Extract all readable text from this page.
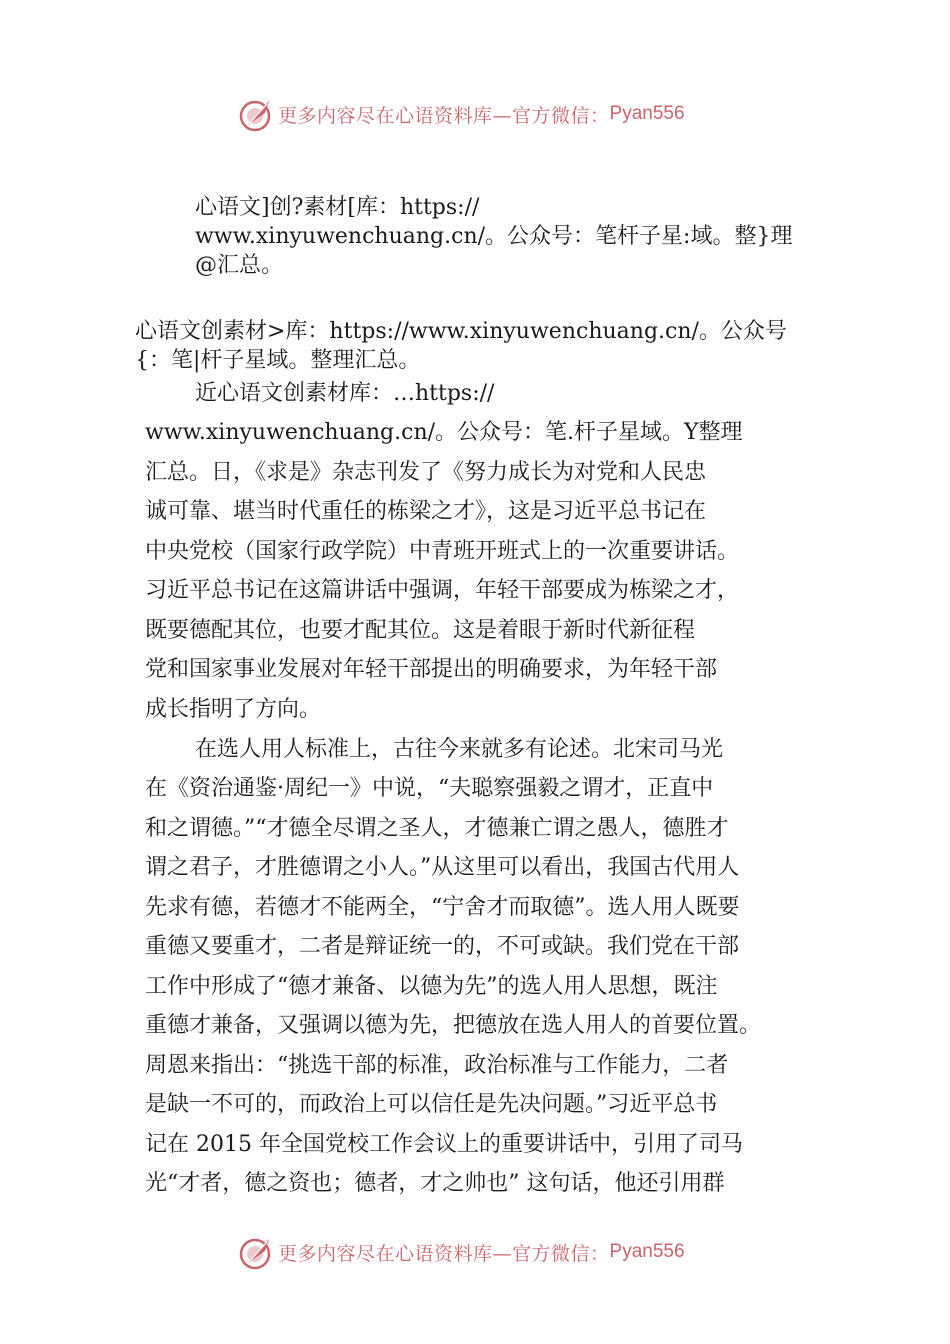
更多内容尽在心语资料库—官方微信： Pyan556
心语文]创?素材[库：https://
www.xinyuwenchuang.cn/。公众号：笔杆子星:域。整}理
@汇总。
心语文创素材>库：https://www.xinyuwenchuang.cn/。公众号
{：笔|杆子星域。整理汇总。
近心语文创素材库：…https://
www.xinyuwenchuang.cn/。公众号：笔.杆子星域。Y整理
汇总。日，《求是》杂志刊发了《努力成长为对党和人民忠
诚可靠、堪当时代重任的栋梁之才》，这是习近平总书记在
中央党校（国家行政学院）中青班开班式上的一次重要讲话。
习近平总书记在这篇讲话中强调，年轻干部要成为栋梁之才，
既要德配其位，也要才配其位。这是着眼于新时代新征程
党和国家事业发展对年轻干部提出的明确要求，为年轻干部
成长指明了方向。
在选人用人标准上，古往今来就多有论述。北宋司马光
在《资治通鉴·周纪一》中说，“夫聪察强毅之谓才，正直中
和之谓德。”“才德全尽谓之圣人，才德兼亡谓之愚人，德胜才
谓之君子，才胜德谓之小人。”从这里可以看出，我国古代用人
先求有德，若德才不能两全，“宁舍才而取德”。选人用人既要
重德又要重才，二者是辩证统一的，不可或缺。我们党在干部
工作中形成了“德才兼备、以德为先”的选人用人思想，既注
重德才兼备，又强调以德为先，把德放在选人用人的首要位置。
周恩来指出：“挑选干部的标准，政治标准与工作能力，二者
是缺一不可的，而政治上可以信任是先决问题。”习近平总书
记在 2015 年全国党校工作会议上的重要讲话中，引用了司马
光“才者，德之资也；德者，才之帅也” 这句话，他还引用群
更多内容尽在心语资料库—官方微信： Pyan556
